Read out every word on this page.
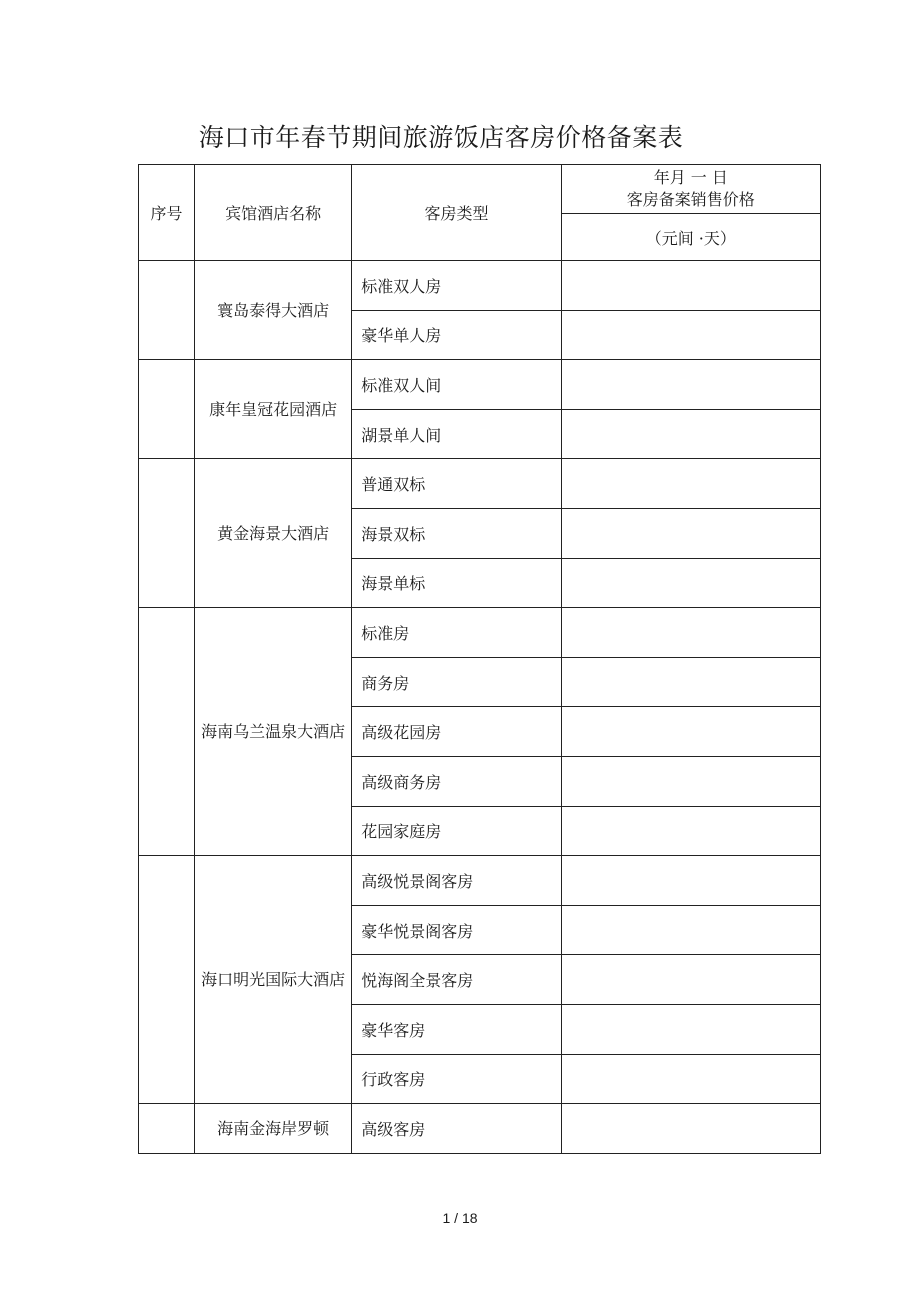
海口市年春节期间旅游饭店客房价格备案表
序号	宾馆酒店名称	客房类型	年月 一 日
客房备案销售价格

			（元间 ·天）
	寰岛泰得大酒店	标准双人房	
		豪华单人房	
	康年皇冠花园酒店	标准双人间	
		湖景单人间	
	黄金海景大酒店	普通双标	
		海景双标	
		海景单标	
	海南乌兰温泉大酒店	标准房	
		商务房	
		高级花园房	
		高级商务房	
		花园家庭房	
	海口明光国际大酒店	高级悦景阁客房	
		豪华悦景阁客房	
		悦海阁全景客房	
		豪华客房	
		行政客房	
	海南金海岸罗顿	高级客房	
1 / 18
